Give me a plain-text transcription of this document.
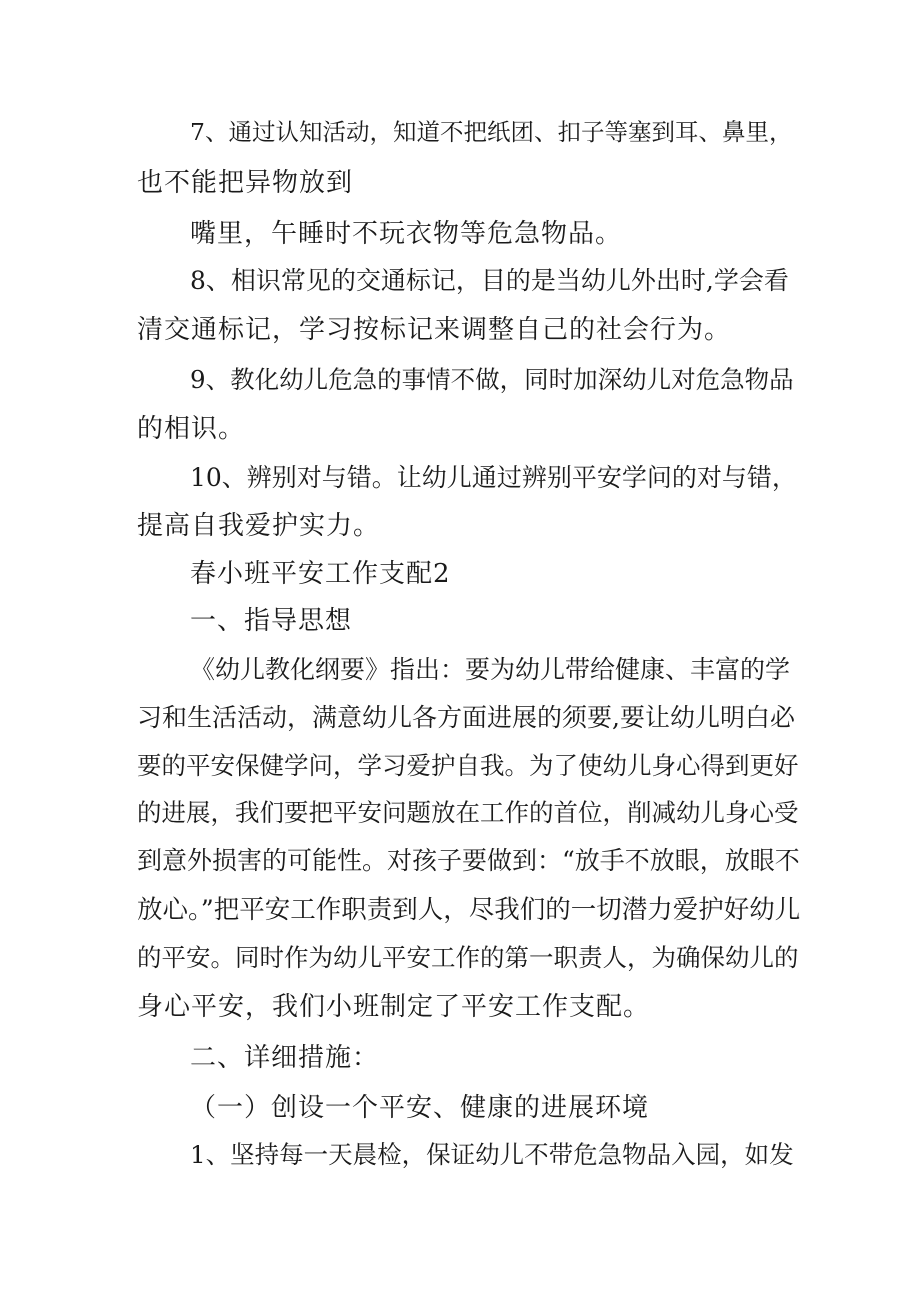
7、通过认知活动，知道不把纸团、扣子等塞到耳、鼻里，
也不能把异物放到
嘴里，午睡时不玩衣物等危急物品。
8、相识常见的交通标记，目的是当幼儿外出时,学会看
清交通标记，学习按标记来调整自己的社会行为。
9、教化幼儿危急的事情不做，同时加深幼儿对危急物品
的相识。
10、辨别对与错。让幼儿通过辨别平安学问的对与错，
提高自我爱护实力。
春小班平安工作支配2
一、指导思想
《幼儿教化纲要》指出：要为幼儿带给健康、丰富的学
习和生活活动，满意幼儿各方面进展的须要,要让幼儿明白必
要的平安保健学问，学习爱护自我。为了使幼儿身心得到更好
的进展，我们要把平安问题放在工作的首位，削减幼儿身心受
到意外损害的可能性。对孩子要做到：“放手不放眼，放眼不
放心。”把平安工作职责到人，尽我们的一切潜力爱护好幼儿
的平安。同时作为幼儿平安工作的第一职责人，为确保幼儿的
身心平安，我们小班制定了平安工作支配。
二、详细措施：
（一）创设一个平安、健康的进展环境
1、坚持每一天晨检，保证幼儿不带危急物品入园，如发
